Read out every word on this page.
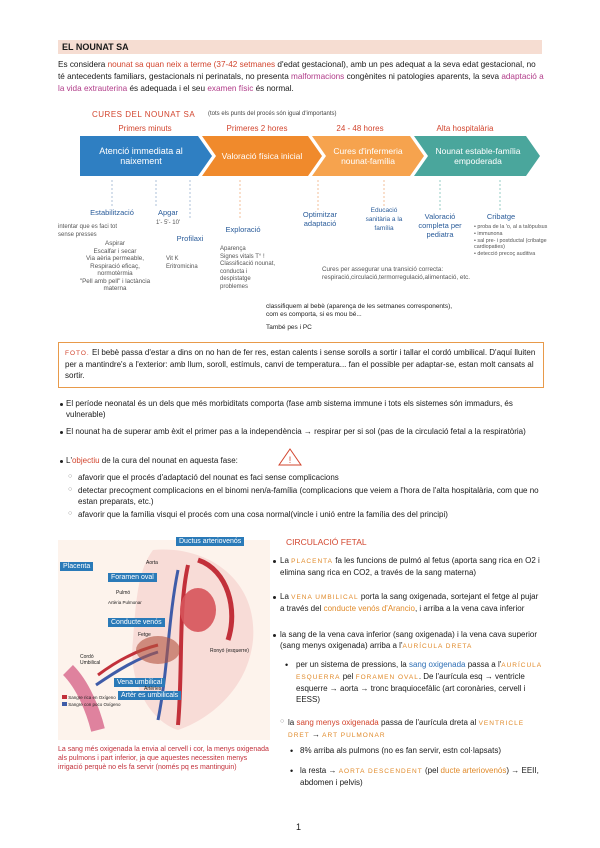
EL NOUNAT SA
Es considera nounat sa quan neix a terme (37-42 setmanes d'edat gestacional), amb un pes adequat a la seva edat gestacional, no té antecedents familiars, gestacionals ni perinatals, no presenta malformacions congènites ni patologies aparents, la seva adaptació a la vida extrauterina és adequada i el seu examen físic és normal.
CURES DEL NOUNAT SA (tots els punts del procés són igual d'importants)
Primers minuts	Primeres 2 hores	24 - 48 hores	Alta hospitalària
Atenció immediata al naixement	Valoració física inicial	Cures d'infermeria nounat-família
Nounat estable-família empoderada
Estabilització	Apgar
1'- 5'- 10'
Profilaxi
Exploració
Optimitzar adaptació
Educació sanitària a la família
Valoració completa per pediatra
Cribatge
intentar que es faci tot sense presses
Aspirar
Escalfar i secar
Via aèria permeable,
Respiració eficaç,
normotèrmia
"Pell amb pell" i lactància materna
Vit K
Eritromicina
Aparença
Signes vitals T° !
Classificació nounat,
conducta i
despistatge
problemes
classifiquem al bebè (aparença de les setmanes corresponents), com es comporta, si es mou bé...
També pes i PC
Cures per assegurar una transició correcta: respiració,circulació,termorregulació,alimentació, etc.
• proba de la 'o, al a talòpulsus
• immunona
• sal pre- i postductal (cribatge cardiopaties)
• detecció precoç auditiva
FOTO. El bebè passa d'estar a dins on no han de fer res, estan calents i sense sorolls a sortir i tallar el cordó umbilical. D'aquí lluiten per a mantindre's a l'exterior: amb llum, soroll, estímuls, canvi de temperatura... fan el possible per adaptar-se, estan molt cansats al sortir.
El període neonatal és un dels que més morbiditats comporta (fase amb sistema immune i tots els sistemes són immadurs, és vulnerable)
El nounat ha de superar amb èxit el primer pas a la independència → respirar per si sol (pas de la circulació fetal a la respiratòria)
L'objectiu de la cura del nounat en aquesta fase:	!
afavorir que el procés d'adaptació del nounat es faci sense complicacions
detectar precoçment complicacions en el binomi nen/a-família (complicacions que veiem a l'hora de l'alta hospitalària, com que no estan preparats, etc.)
afavorir que la família visqui el procés com una cosa normal(vincle i unió entre la família des del principi)
○
○
○
Ductus arteriovenós
Placenta
Foramen oval
Conducte venós
Vena umbilical
Artèr es umbilicals
Aorta
Pulmó
Artèria Pulmonar
Fetge
Ronyó (esquerre)
Cordó Umbilical
Artèries
Sangre rica en Oxígeno
Sangre con poco Oxígeno
La sang més oxigenada la envia al cervell i cor, la menys oxigenada als pulmons i part inferior, ja que aquestes necessiten menys irrigació perquè no els fa servir (només pq es mantinguin)
CIRCULACIÓ FETAL
La PLACENTA fa les funcions de pulmó al fetus (aporta sang rica en O2 i elimina sang rica en CO2, a través de la sang materna)
La VENA UMBILICAL porta la sang oxigenada, sortejant el fetge al pujar a través del conducte venós d'Arancio, i arriba a la vena cava inferior
la sang de la vena cava inferior (sang oxigenada) i la vena cava superior (sang menys oxigenada) arriba a l'AURÍCULA DRETA
• per un sistema de pressions, la sang oxigenada passa a l'AURÍCULA ESQUERRA pel FORAMEN OVAL. De l'aurícula esq → ventricle esquerre → aorta → tronc braquiocefàlic (art coronàries, cervell i EESS)
○ la sang menys oxigenada passa de l'aurícula dreta al VENTRICLE DRET → ART PULMONAR
• 8% arriba als pulmons (no es fan servir, estn col·lapsats)
• la resta → AORTA DESCENDENT (pel ducte arteriovenós) → EEII, abdomen i pelvis)
1
